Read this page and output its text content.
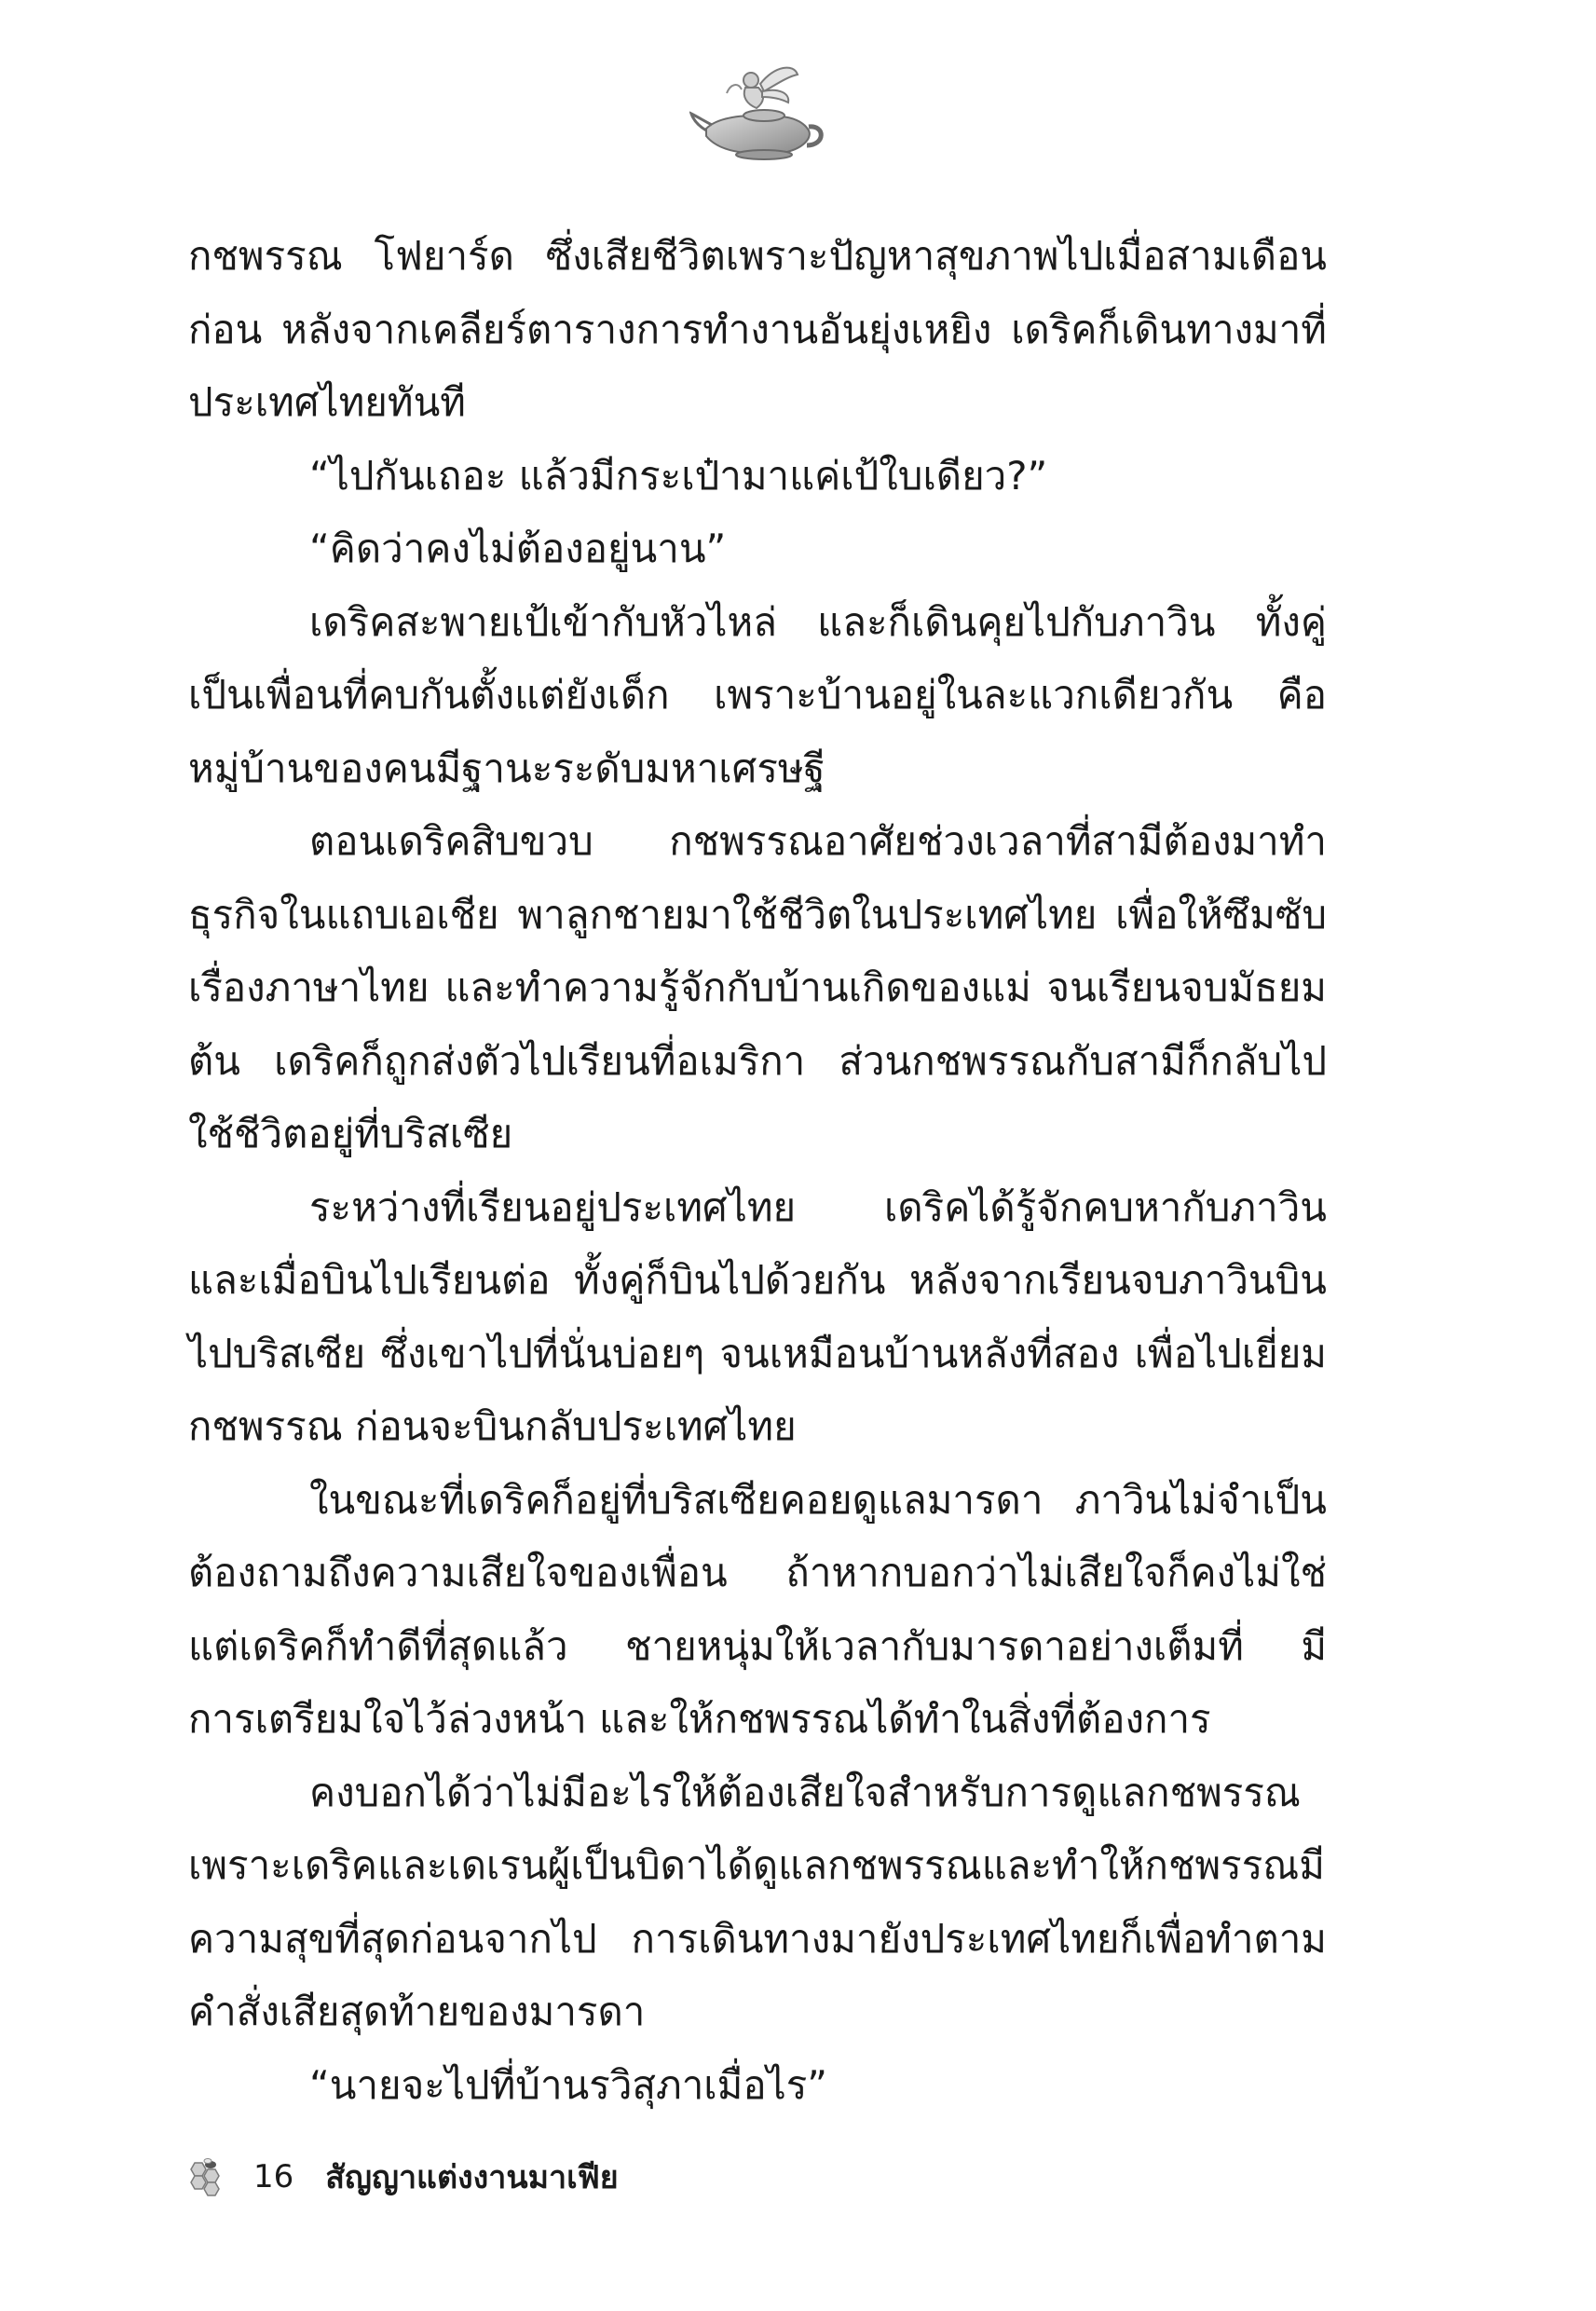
กชพรรณ โฟยาร์ด ซึ่งเสียชีวิตเพราะปัญหาสุขภาพไปเมื่อสามเดือนก่อน หลังจากเคลียร์ตารางการทำงานอันยุ่งเหยิง เดริคก็เดินทางมาที่ประเทศไทยทันที

“ไปกันเถอะ แล้วมีกระเป๋ามาแค่เป้ใบเดียว?”

“คิดว่าคงไม่ต้องอยู่นาน”

เดริคสะพายเป้เข้ากับหัวไหล่ และก็เดินคุยไปกับภาวิน ทั้งคู่เป็นเพื่อนที่คบกันตั้งแต่ยังเด็ก เพราะบ้านอยู่ในละแวกเดียวกัน คือหมู่บ้านของคนมีฐานะระดับมหาเศรษฐี

ตอนเดริคสิบขวบ กชพรรณอาศัยช่วงเวลาที่สามีต้องมาทำธุรกิจในแถบเอเชีย พาลูกชายมาใช้ชีวิตในประเทศไทย เพื่อให้ซึมซับเรื่องภาษาไทย และทำความรู้จักกับบ้านเกิดของแม่ จนเรียนจบมัธยมต้น เดริคก็ถูกส่งตัวไปเรียนที่อเมริกา ส่วนกชพรรณกับสามีก็กลับไปใช้ชีวิตอยู่ที่บริสเซีย

ระหว่างที่เรียนอยู่ประเทศไทย เดริคได้รู้จักคบหากับภาวิน และเมื่อบินไปเรียนต่อ ทั้งคู่ก็บินไปด้วยกัน หลังจากเรียนจบภาวินบินไปบริสเซีย ซึ่งเขาไปที่นั่นบ่อยๆ จนเหมือนบ้านหลังที่สอง เพื่อไปเยี่ยมกชพรรณ ก่อนจะบินกลับประเทศไทย

ในขณะที่เดริคก็อยู่ที่บริสเซียคอยดูแลมารดา ภาวินไม่จำเป็นต้องถามถึงความเสียใจของเพื่อน ถ้าหากบอกว่าไม่เสียใจก็คงไม่ใช่ แต่เดริคก็ทำดีที่สุดแล้ว ชายหนุ่มให้เวลากับมารดาอย่างเต็มที่ มีการเตรียมใจไว้ล่วงหน้า และให้กชพรรณได้ทำในสิ่งที่ต้องการ

คงบอกได้ว่าไม่มีอะไรให้ต้องเสียใจสำหรับการดูแลกชพรรณ เพราะเดริคและเดเรนผู้เป็นบิดาได้ดูแลกชพรรณและทำให้กชพรรณมีความสุขที่สุดก่อนจากไป การเดินทางมายังประเทศไทยก็เพื่อทำตามคำสั่งเสียสุดท้ายของมารดา

“นายจะไปที่บ้านรวิสุภาเมื่อไร”

16 สัญญาแต่งงานมาเฟีย
